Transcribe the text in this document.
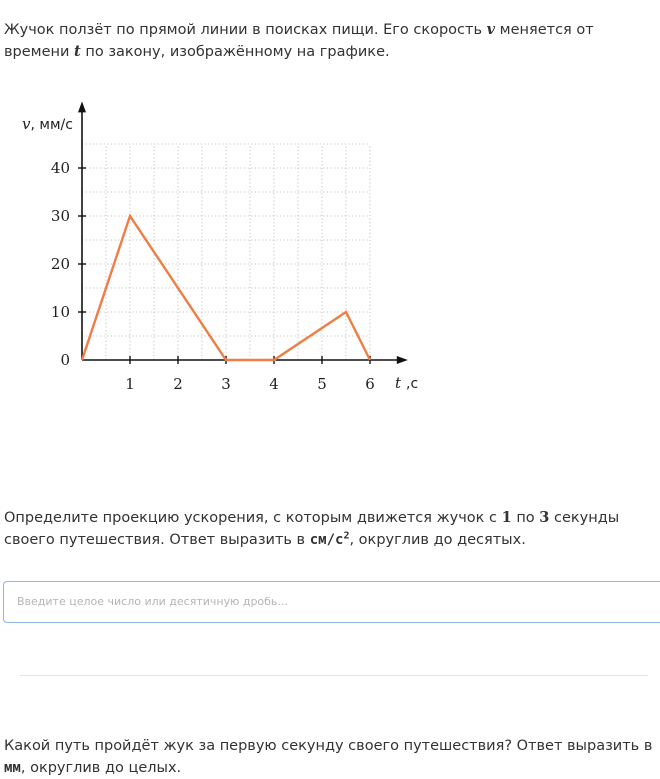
Жучок ползёт по прямой линии в поисках пищи. Его скорость v меняется от времени t по закону, изображённому на графике.

1	2	3	4	5	6
0
10
20
30
40
v, мм/с
t ,с

Определите проекцию ускорения, с которым движется жучок с 1 по 3 секунды своего путешествия. Ответ выразить в $см/с^2$, округлив до десятых.

Введите целое число или десятичную дробь...

Какой путь пройдёт жук за первую секунду своего путешествия? Ответ выразить в мм, округлив до целых.
